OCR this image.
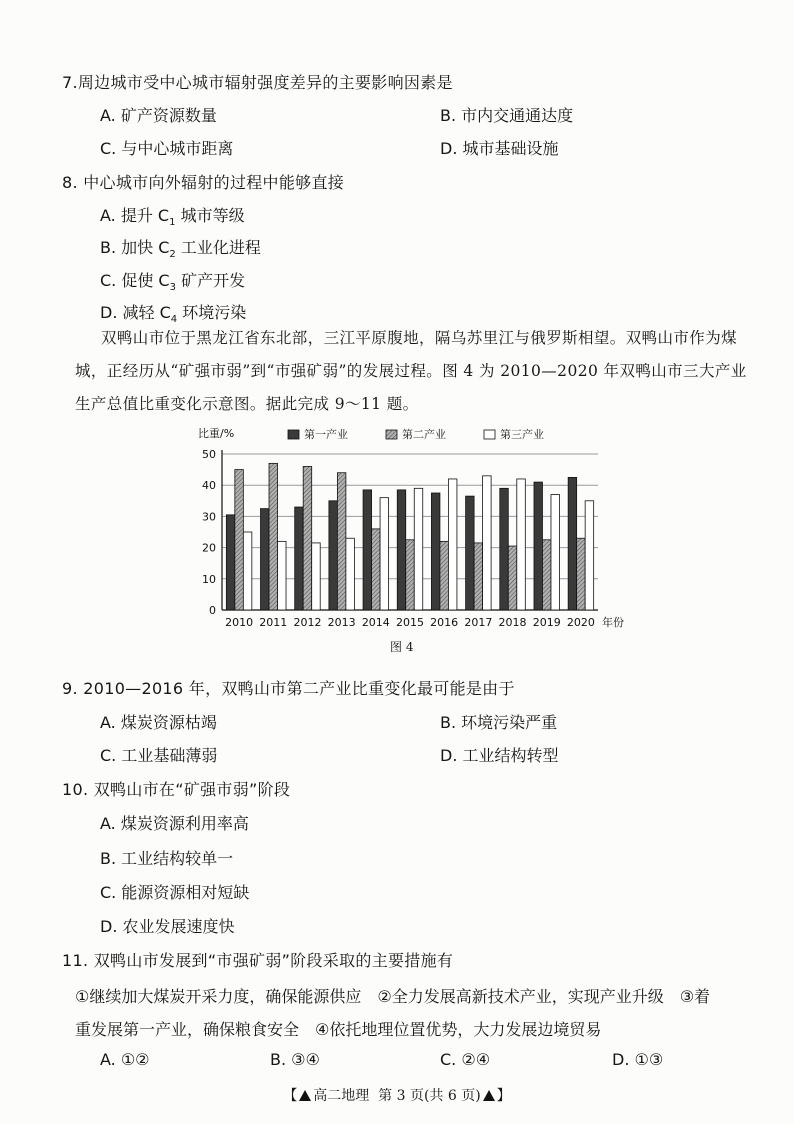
7.周边城市受中心城市辐射强度差异的主要影响因素是
A. 矿产资源数量	B. 市内交通通达度
C. 与中心城市距离	D. 城市基础设施
8. 中心城市向外辐射的过程中能够直接
A. 提升 $C_1$ 城市等级
B. 加快 $C_2$ 工业化进程
C. 促使 $C_3$ 矿产开发
D. 减轻 $C_4$ 环境污染
双鸭山市位于黑龙江省东北部，三江平原腹地，隔乌苏里江与俄罗斯相望。双鸭山市作为煤城，正经历从“矿强市弱”到“市强矿弱”的发展过程。图 4 为 2010—2020 年双鸭山市三大产业生产总值比重变化示意图。据此完成 9～11 题。
0
10
20
30
40
50
比重/%
年份
第一产业	第二产业	第三产业
2010 2011 2012 2013 2014 2015 2016 2017 2018 2019 2020
图 4
9. 2010—2016 年，双鸭山市第二产业比重变化最可能是由于
A. 煤炭资源枯竭	B. 环境污染严重
C. 工业基础薄弱	D. 工业结构转型
10. 双鸭山市在“矿强市弱”阶段
A. 煤炭资源利用率高
B. 工业结构较单一
C. 能源资源相对短缺
D. 农业发展速度快
11. 双鸭山市发展到“市强矿弱”阶段采取的主要措施有
①继续加大煤炭开采力度，确保能源供应　②全力发展高新技术产业，实现产业升级　③着
重发展第一产业，确保粮食安全　④依托地理位置优势，大力发展边境贸易
A. ①②	B. ③④	C. ②④	D. ①③
【 高二地理 第 3 页(共 6 页) 】
